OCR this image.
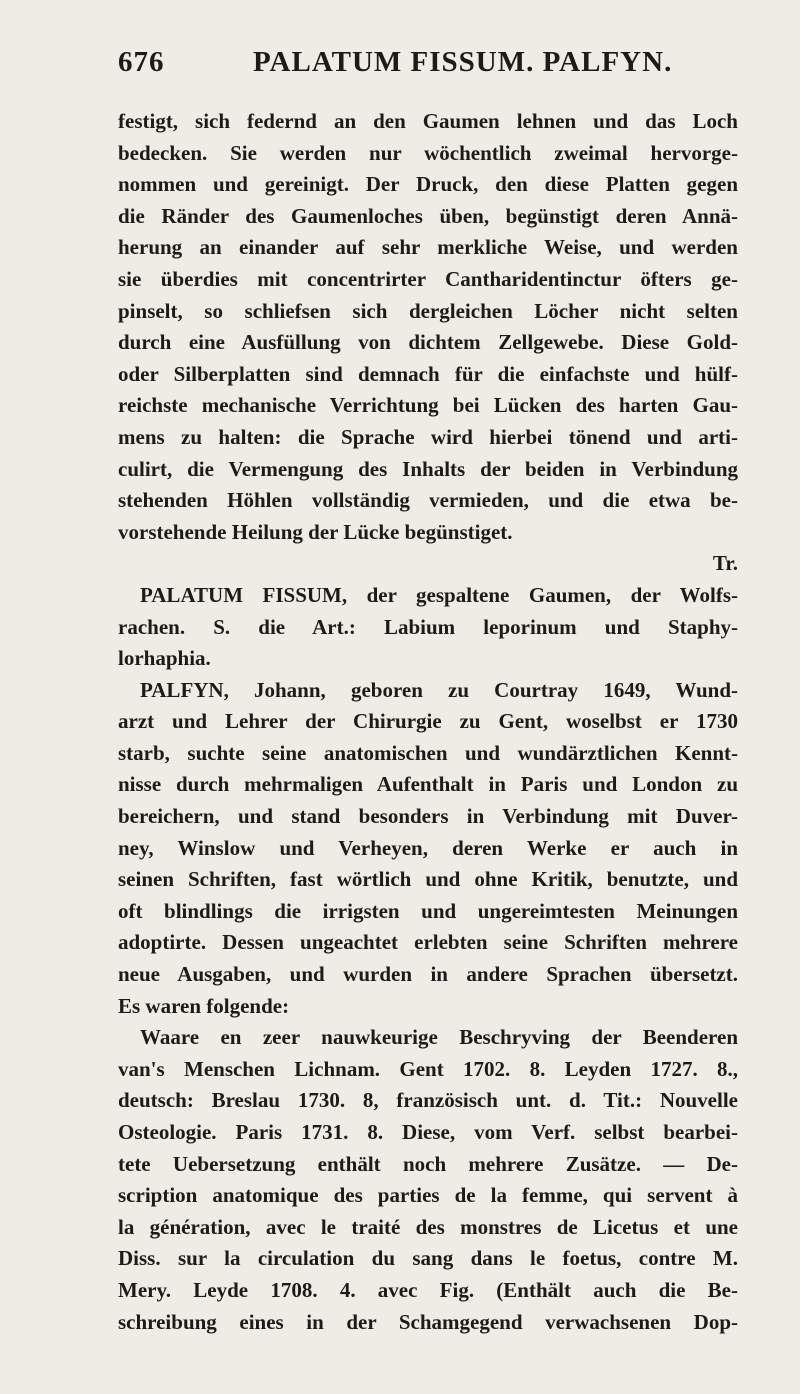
676	PALATUM FISSUM. PALFYN.
festigt, sich federnd an den Gaumen lehnen und das Loch
bedecken. Sie werden nur wöchentlich zweimal hervorge-
nommen und gereinigt. Der Druck, den diese Platten gegen
die Ränder des Gaumenloches üben, begünstigt deren Annä-
herung an einander auf sehr merkliche Weise, und werden
sie überdies mit concentrirter Cantharidentinctur öfters ge-
pinselt, so schliefsen sich dergleichen Löcher nicht selten
durch eine Ausfüllung von dichtem Zellgewebe. Diese Gold-
oder Silberplatten sind demnach für die einfachste und hülf-
reichste mechanische Verrichtung bei Lücken des harten Gau-
mens zu halten: die Sprache wird hierbei tönend und arti-
culirt, die Vermengung des Inhalts der beiden in Verbindung
stehenden Höhlen vollständig vermieden, und die etwa be-
vorstehende Heilung der Lücke begünstiget.
Tr.
PALATUM FISSUM, der gespaltene Gaumen, der Wolfs-
rachen. S. die Art.: Labium leporinum und Staphy-
lorhaphia.
PALFYN, Johann, geboren zu Courtray 1649, Wund-
arzt und Lehrer der Chirurgie zu Gent, woselbst er 1730
starb, suchte seine anatomischen und wundärztlichen Kennt-
nisse durch mehrmaligen Aufenthalt in Paris und London zu
bereichern, und stand besonders in Verbindung mit Duver-
ney, Winslow und Verheyen, deren Werke er auch in
seinen Schriften, fast wörtlich und ohne Kritik, benutzte, und
oft blindlings die irrigsten und ungereimtesten Meinungen
adoptirte. Dessen ungeachtet erlebten seine Schriften mehrere
neue Ausgaben, und wurden in andere Sprachen übersetzt.
Es waren folgende:
Waare en zeer nauwkeurige Beschryving der Beenderen
van's Menschen Lichnam. Gent 1702. 8. Leyden 1727. 8.,
deutsch: Breslau 1730. 8, französisch unt. d. Tit.: Nouvelle
Osteologie. Paris 1731. 8. Diese, vom Verf. selbst bearbei-
tete Uebersetzung enthält noch mehrere Zusätze. — De-
scription anatomique des parties de la femme, qui servent à
la génération, avec le traité des monstres de Licetus et une
Diss. sur la circulation du sang dans le foetus, contre M.
Mery. Leyde 1708. 4. avec Fig. (Enthält auch die Be-
schreibung eines in der Schamgegend verwachsenen Dop-
